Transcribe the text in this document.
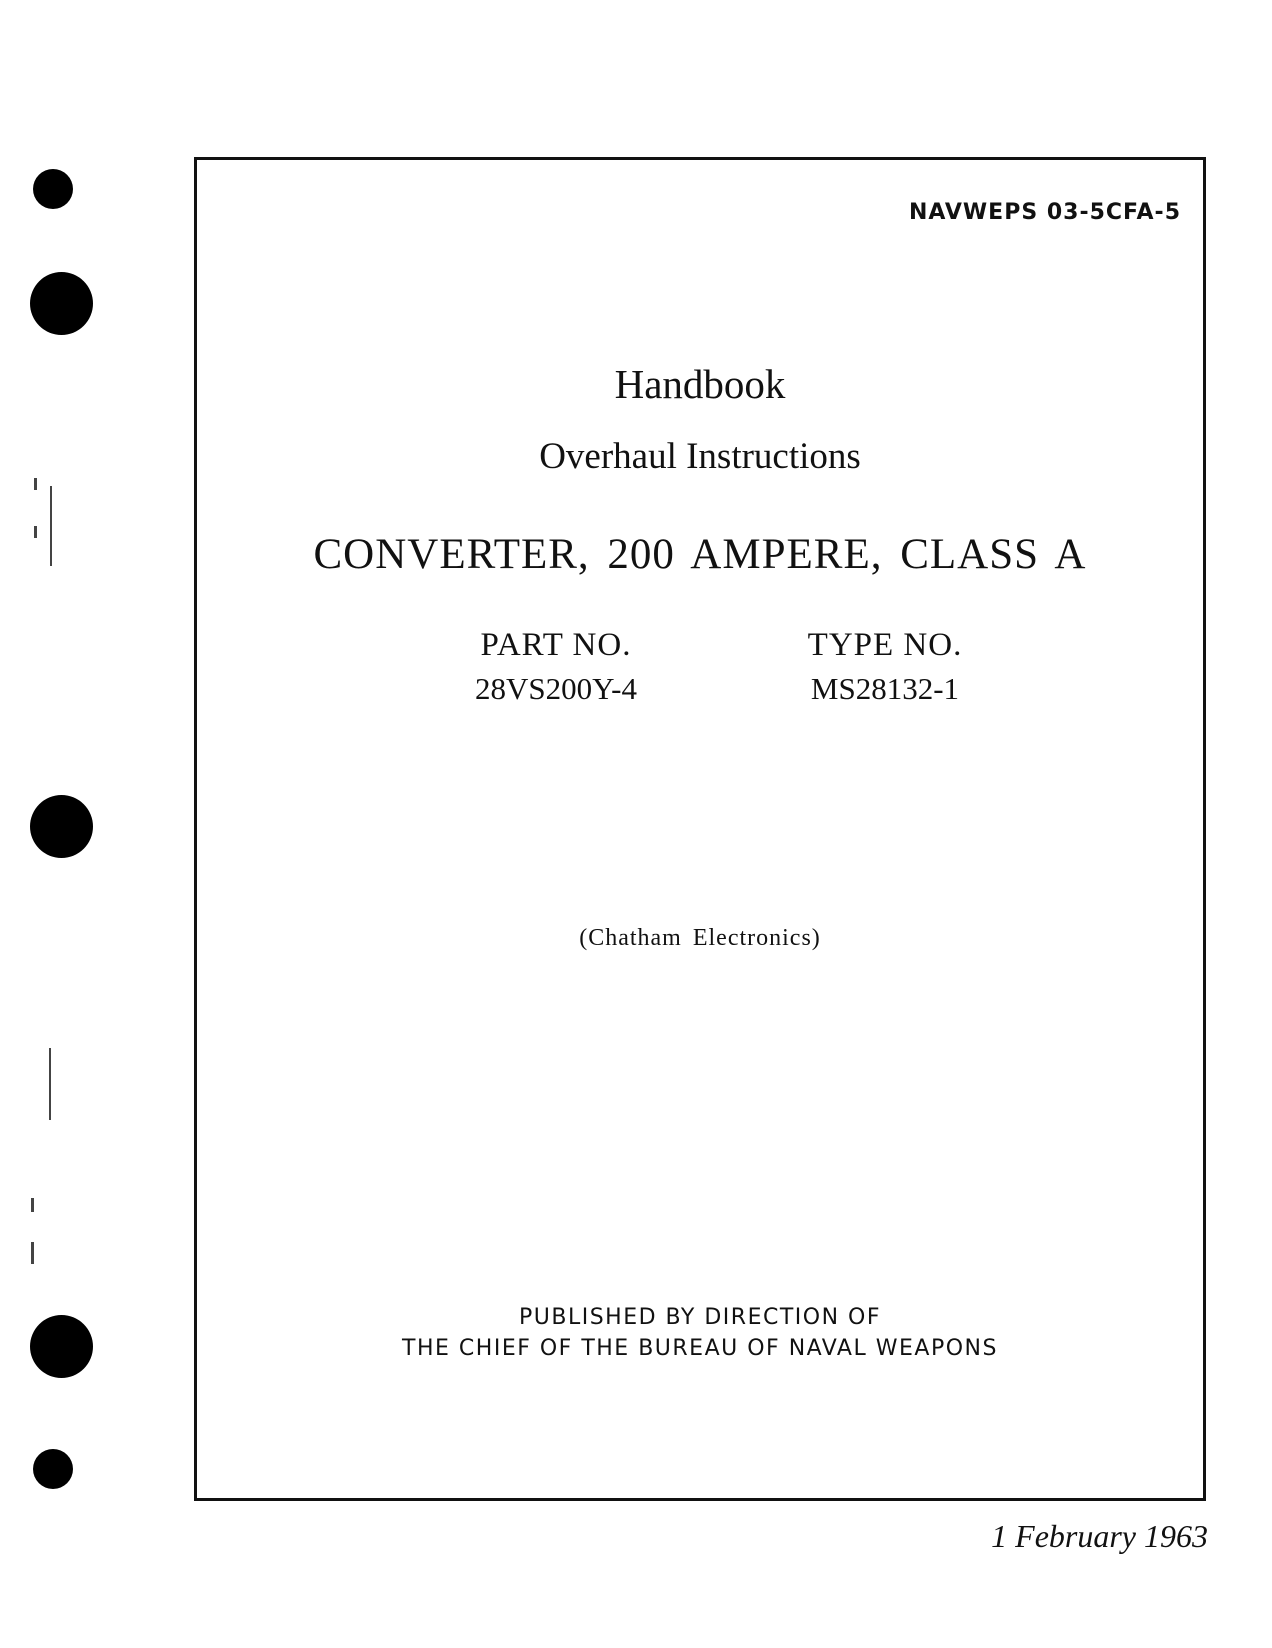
NAVWEPS 03-5CFA-5
Handbook
Overhaul Instructions
CONVERTER, 200 AMPERE, CLASS A
PART NO.
28VS200Y-4
TYPE NO.
MS28132-1
(Chatham Electronics)
PUBLISHED BY DIRECTION OF
THE CHIEF OF THE BUREAU OF NAVAL WEAPONS
1 February 1963
